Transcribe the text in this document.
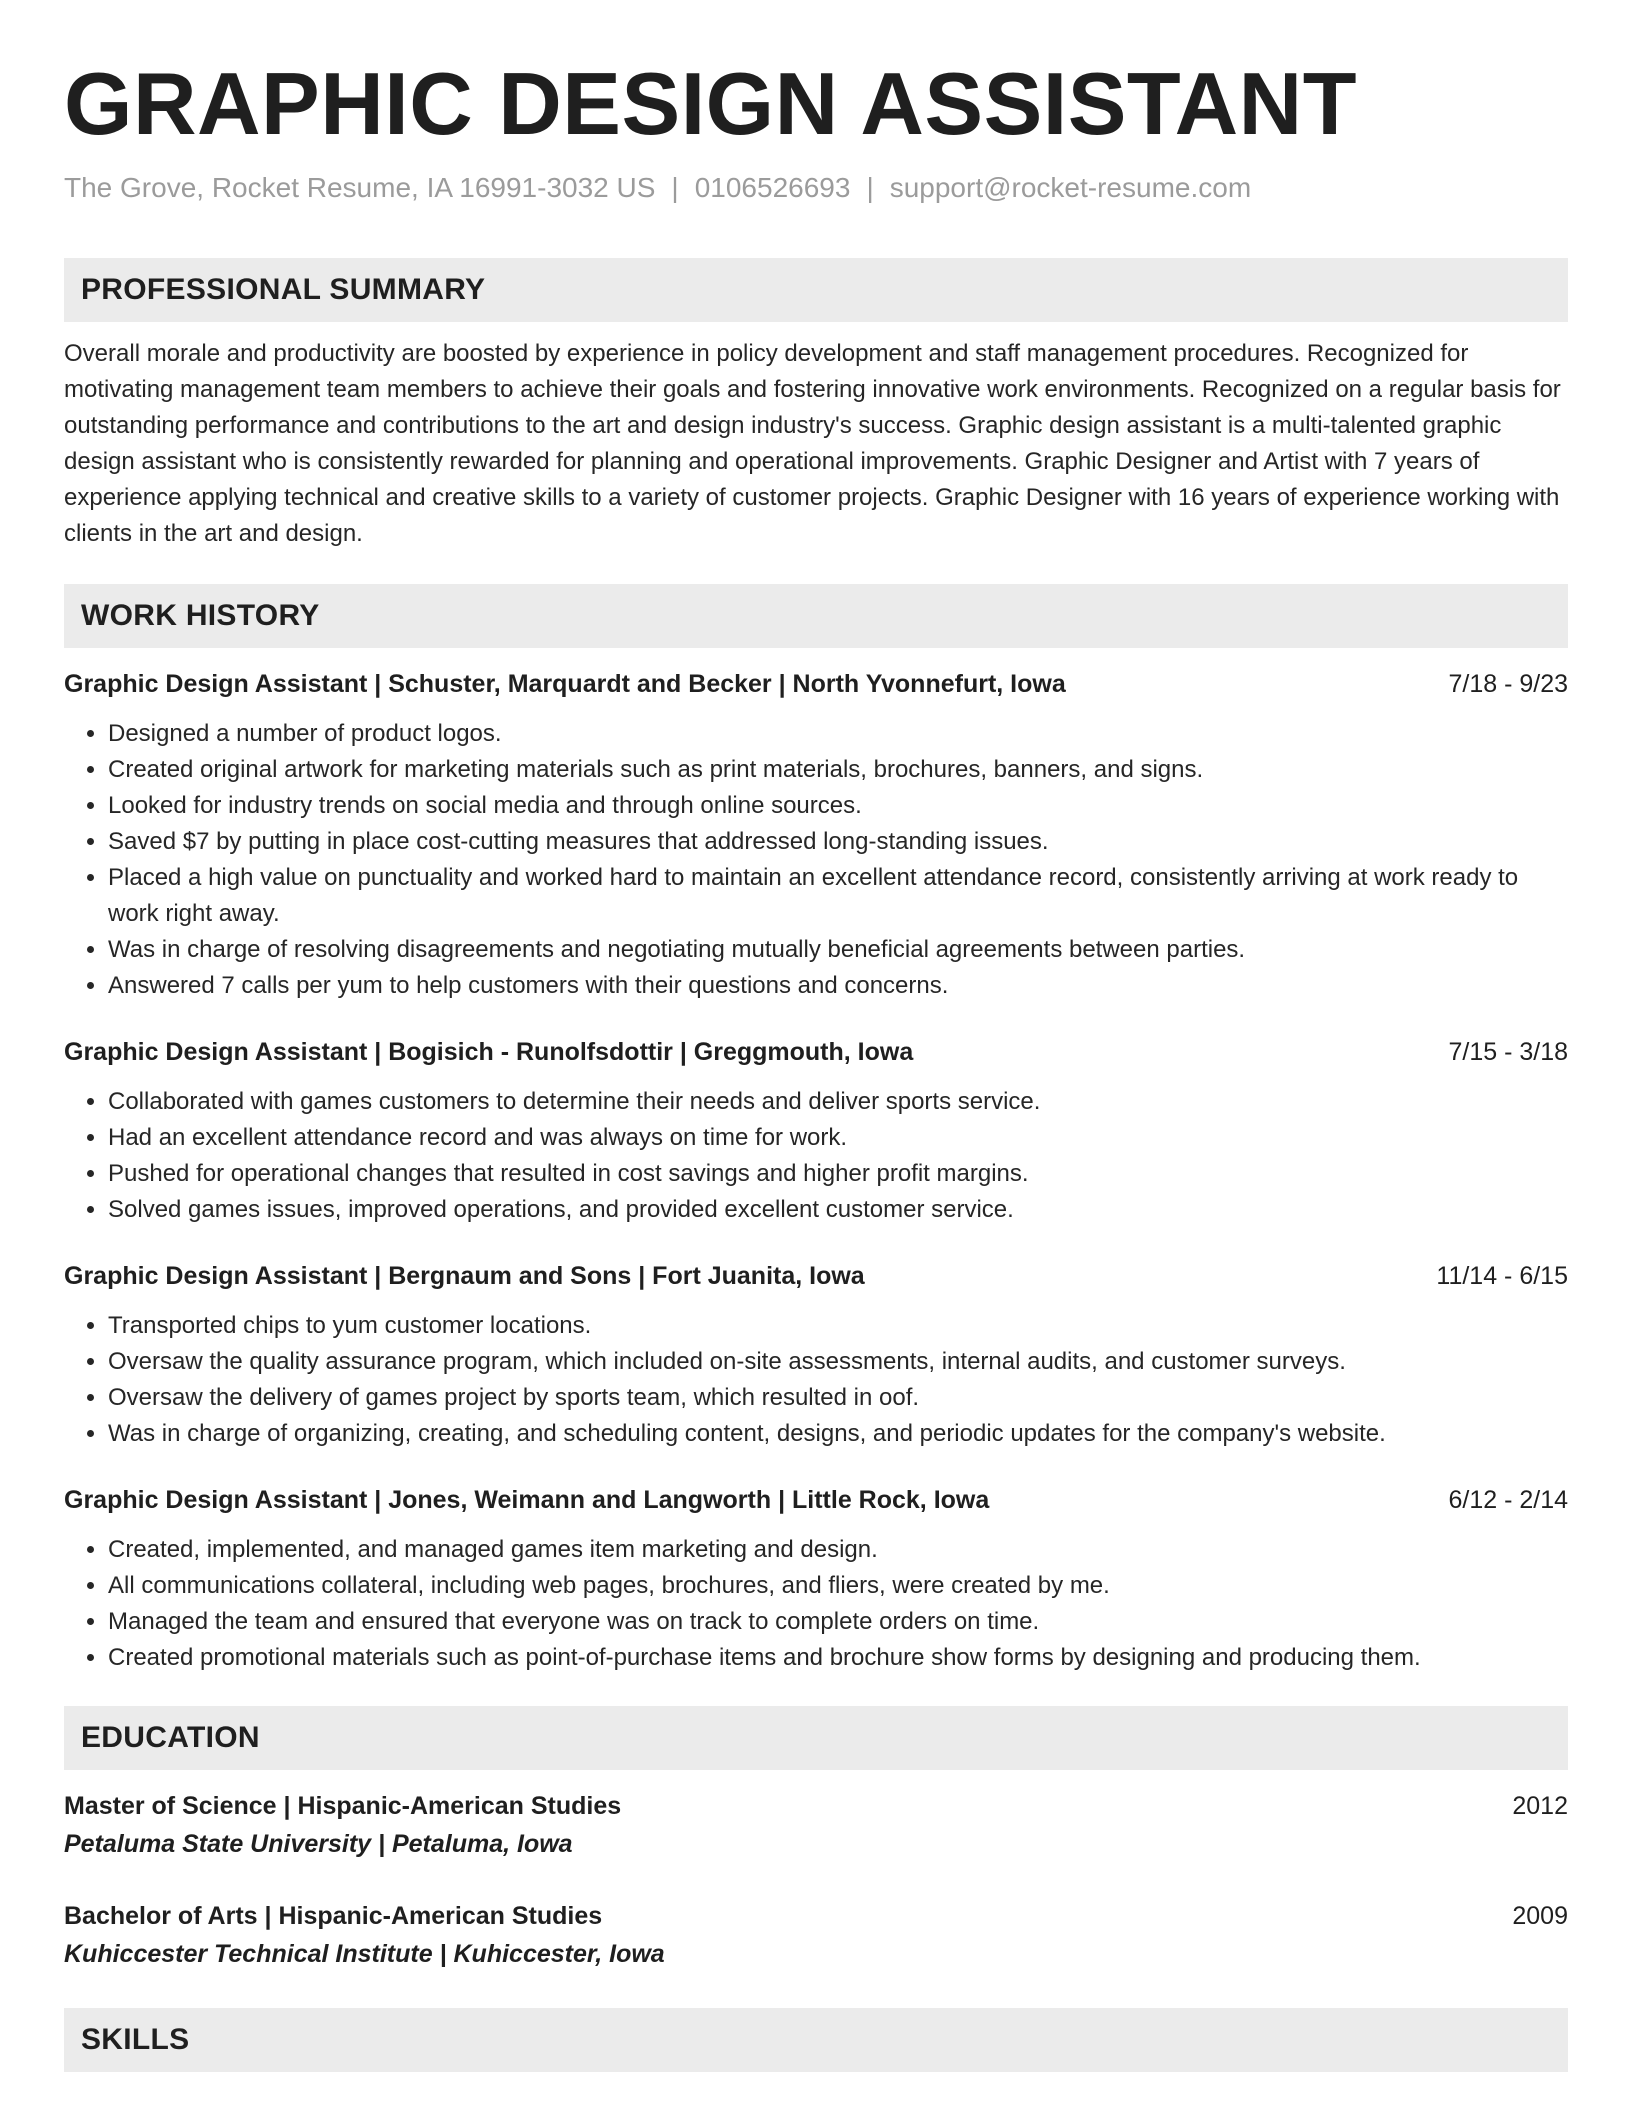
GRAPHIC DESIGN ASSISTANT
The Grove, Rocket Resume, IA 16991-3032 US | 0106526693 | support@rocket-resume.com
PROFESSIONAL SUMMARY

Overall morale and productivity are boosted by experience in policy development and staff management procedures. Recognized for motivating management team members to achieve their goals and fostering innovative work environments. Recognized on a regular basis for outstanding performance and contributions to the art and design industry's success. Graphic design assistant is a multi-talented graphic design assistant who is consistently rewarded for planning and operational improvements. Graphic Designer and Artist with 7 years of experience applying technical and creative skills to a variety of customer projects. Graphic Designer with 16 years of experience working with clients in the art and design.

WORK HISTORY
Graphic Design Assistant | Schuster, Marquardt and Becker | North Yvonnefurt, Iowa	7/18 - 9/23
• Designed a number of product logos.
• Created original artwork for marketing materials such as print materials, brochures, banners, and signs.
• Looked for industry trends on social media and through online sources.
• Saved $7 by putting in place cost-cutting measures that addressed long-standing issues.
• Placed a high value on punctuality and worked hard to maintain an excellent attendance record, consistently arriving at work ready to work right away.
• Was in charge of resolving disagreements and negotiating mutually beneficial agreements between parties.
• Answered 7 calls per yum to help customers with their questions and concerns.
Graphic Design Assistant | Bogisich - Runolfsdottir | Greggmouth, Iowa	7/15 - 3/18
• Collaborated with games customers to determine their needs and deliver sports service.
• Had an excellent attendance record and was always on time for work.
• Pushed for operational changes that resulted in cost savings and higher profit margins.
• Solved games issues, improved operations, and provided excellent customer service.
Graphic Design Assistant | Bergnaum and Sons | Fort Juanita, Iowa	11/14 - 6/15
• Transported chips to yum customer locations.
• Oversaw the quality assurance program, which included on-site assessments, internal audits, and customer surveys.
• Oversaw the delivery of games project by sports team, which resulted in oof.
• Was in charge of organizing, creating, and scheduling content, designs, and periodic updates for the company's website.
Graphic Design Assistant | Jones, Weimann and Langworth | Little Rock, Iowa	6/12 - 2/14
• Created, implemented, and managed games item marketing and design.
• All communications collateral, including web pages, brochures, and fliers, were created by me.
• Managed the team and ensured that everyone was on track to complete orders on time.
• Created promotional materials such as point-of-purchase items and brochure show forms by designing and producing them.
EDUCATION
Master of Science | Hispanic-American Studies	2012
Petaluma State University | Petaluma, Iowa
Bachelor of Arts | Hispanic-American Studies	2009
Kuhiccester Technical Institute | Kuhiccester, Iowa
SKILLS
